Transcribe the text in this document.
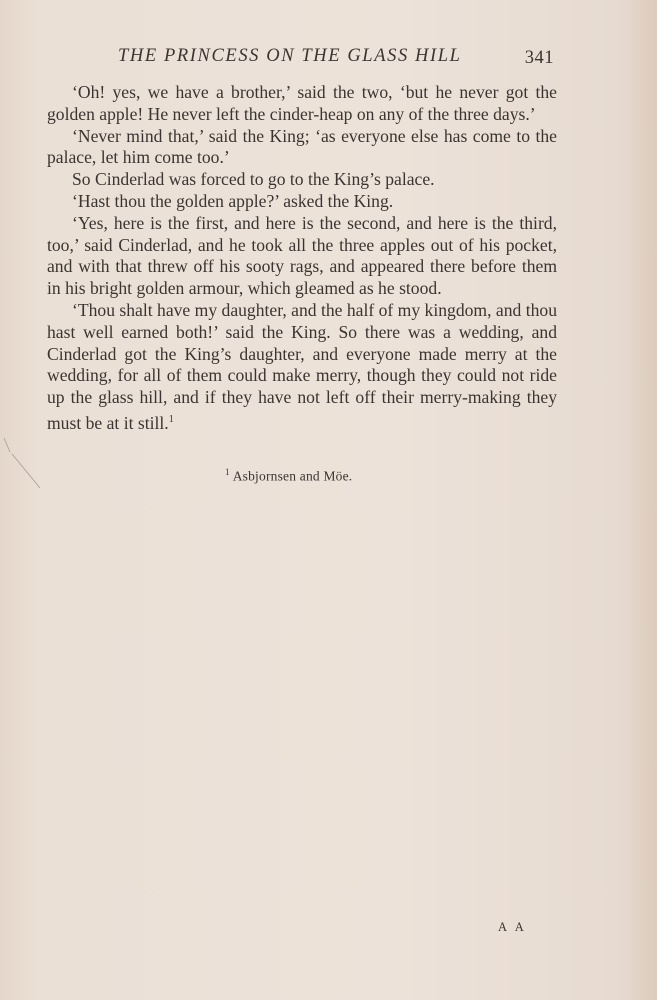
THE PRINCESS ON THE GLASS HILL	341

‘Oh! yes, we have a brother,’ said the two, ‘but he never got the golden apple! He never left the cinder-heap on any of the three days.’

‘Never mind that,’ said the King; ‘as everyone else has come to the palace, let him come too.’

So Cinderlad was forced to go to the King’s palace.

‘Hast thou the golden apple?’ asked the King.

‘Yes, here is the first, and here is the second, and here is the third, too,’ said Cinderlad, and he took all the three apples out of his pocket, and with that threw off his sooty rags, and appeared there before them in his bright golden armour, which gleamed as he stood.

‘Thou shalt have my daughter, and the half of my kingdom, and thou hast well earned both!’ said the King. So there was a wedding, and Cinderlad got the King’s daughter, and everyone made merry at the wedding, for all of them could make merry, though they could not ride up the glass hill, and if they have not left off their merry-making they must be at it still.$^1$

$^1$ Asbjornsen and Möe.
A A
